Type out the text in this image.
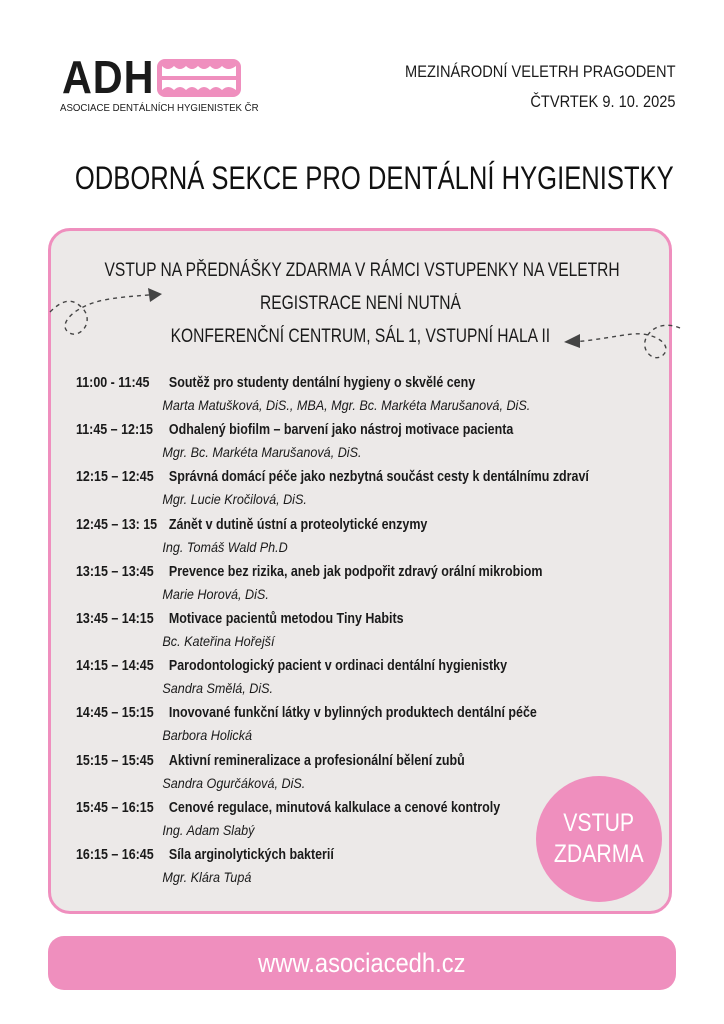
ADH
ASOCIACE DENTÁLNÍCH HYGIENISTEK ČR
MEZINÁRODNÍ VELETRH PRAGODENT
ČTVRTEK 9. 10. 2025
ODBORNÁ SEKCE PRO DENTÁLNÍ HYGIENISTKY
VSTUP NA PŘEDNÁŠKY ZDARMA V RÁMCI VSTUPENKY NA VELETRH
REGISTRACE NENÍ NUTNÁ
KONFERENČNÍ CENTRUM, SÁL 1, VSTUPNÍ HALA II
11:00 - 11:45 Soutěž pro studenty dentální hygieny o skvělé ceny
Marta Matušková, DiS., MBA, Mgr. Bc. Markéta Marušanová, DiS.
11:45 – 12:15 Odhalený biofilm – barvení jako nástroj motivace pacienta
Mgr. Bc. Markéta Marušanová, DiS.
12:15 – 12:45 Správná domácí péče jako nezbytná součást cesty k dentálnímu zdraví
Mgr. Lucie Kročilová, DiS.
12:45 – 13: 15 Zánět v dutině ústní a proteolytické enzymy
Ing. Tomáš Wald Ph.D
13:15 – 13:45 Prevence bez rizika, aneb jak podpořit zdravý orální mikrobiom
Marie Horová, DiS.
13:45 – 14:15 Motivace pacientů metodou Tiny Habits
Bc. Kateřina Hořejší
14:15 – 14:45 Parodontologický pacient v ordinaci dentální hygienistky
Sandra Smělá, DiS.
14:45 – 15:15 Inovované funkční látky v bylinných produktech dentální péče
Barbora Holická
15:15 – 15:45 Aktivní remineralizace a profesionální bělení zubů
Sandra Ogurčáková, DiS.
15:45 – 16:15 Cenové regulace, minutová kalkulace a cenové kontroly
Ing. Adam Slabý
16:15 – 16:45 Síla arginolytických bakterií
Mgr. Klára Tupá
VSTUP
ZDARMA
www.asociacedh.cz
